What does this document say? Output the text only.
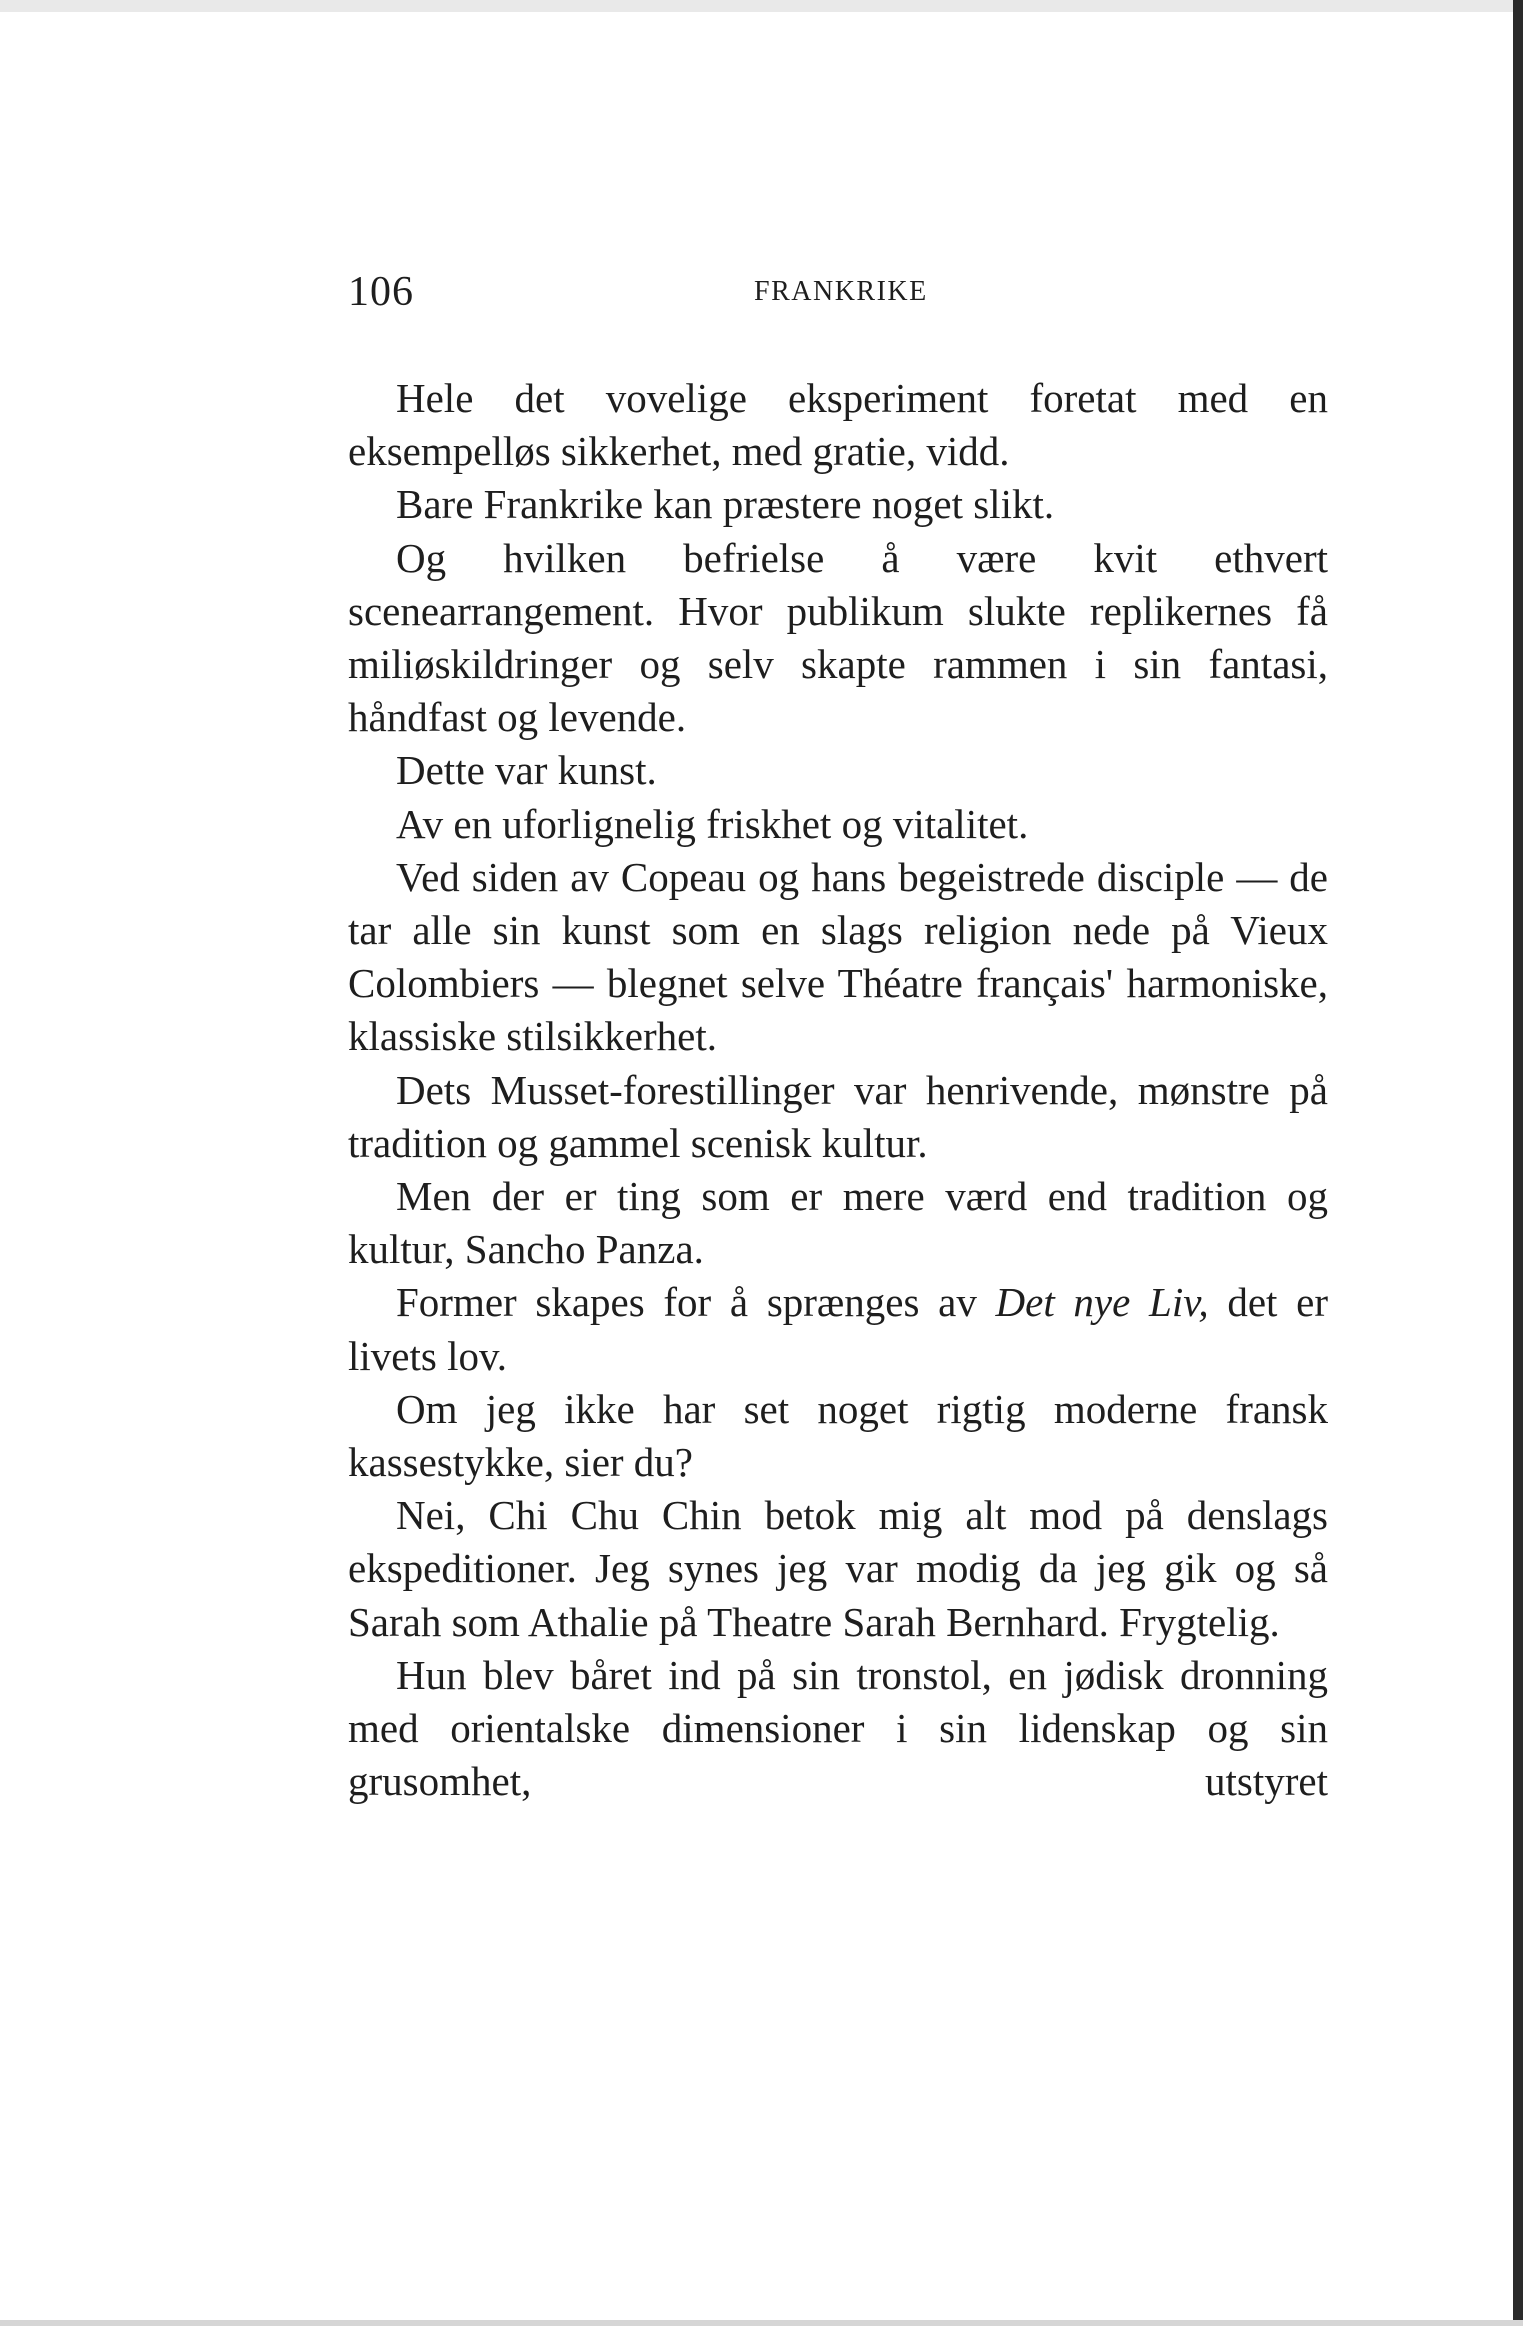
106	FRANKRIKE

Hele det vovelige eksperiment foretat med en eksempelløs sikkerhet, med gratie, vidd.

Bare Frankrike kan præstere noget slikt.

Og hvilken befrielse å være kvit ethvert scenearrangement. Hvor publikum slukte replikernes få miliøskildringer og selv skapte rammen i sin fantasi, håndfast og levende.

Dette var kunst.

Av en uforlignelig friskhet og vitalitet.

Ved siden av Copeau og hans begeistrede disciple — de tar alle sin kunst som en slags religion nede på Vieux Colombiers — blegnet selve Théatre français' harmoniske, klassiske stilsikkerhet.

Dets Musset-forestillinger var henrivende, mønstre på tradition og gammel scenisk kultur.

Men der er ting som er mere værd end tradition og kultur, Sancho Panza.

Former skapes for å sprænges av Det nye Liv, det er livets lov.

Om jeg ikke har set noget rigtig moderne fransk kassestykke, sier du?

Nei, Chi Chu Chin betok mig alt mod på denslags ekspeditioner. Jeg synes jeg var modig da jeg gik og så Sarah som Athalie på Theatre Sarah Bernhard. Frygtelig.

Hun blev båret ind på sin tronstol, en jødisk dronning med orientalske dimensioner i sin lidenskap og sin grusomhet, utstyret
